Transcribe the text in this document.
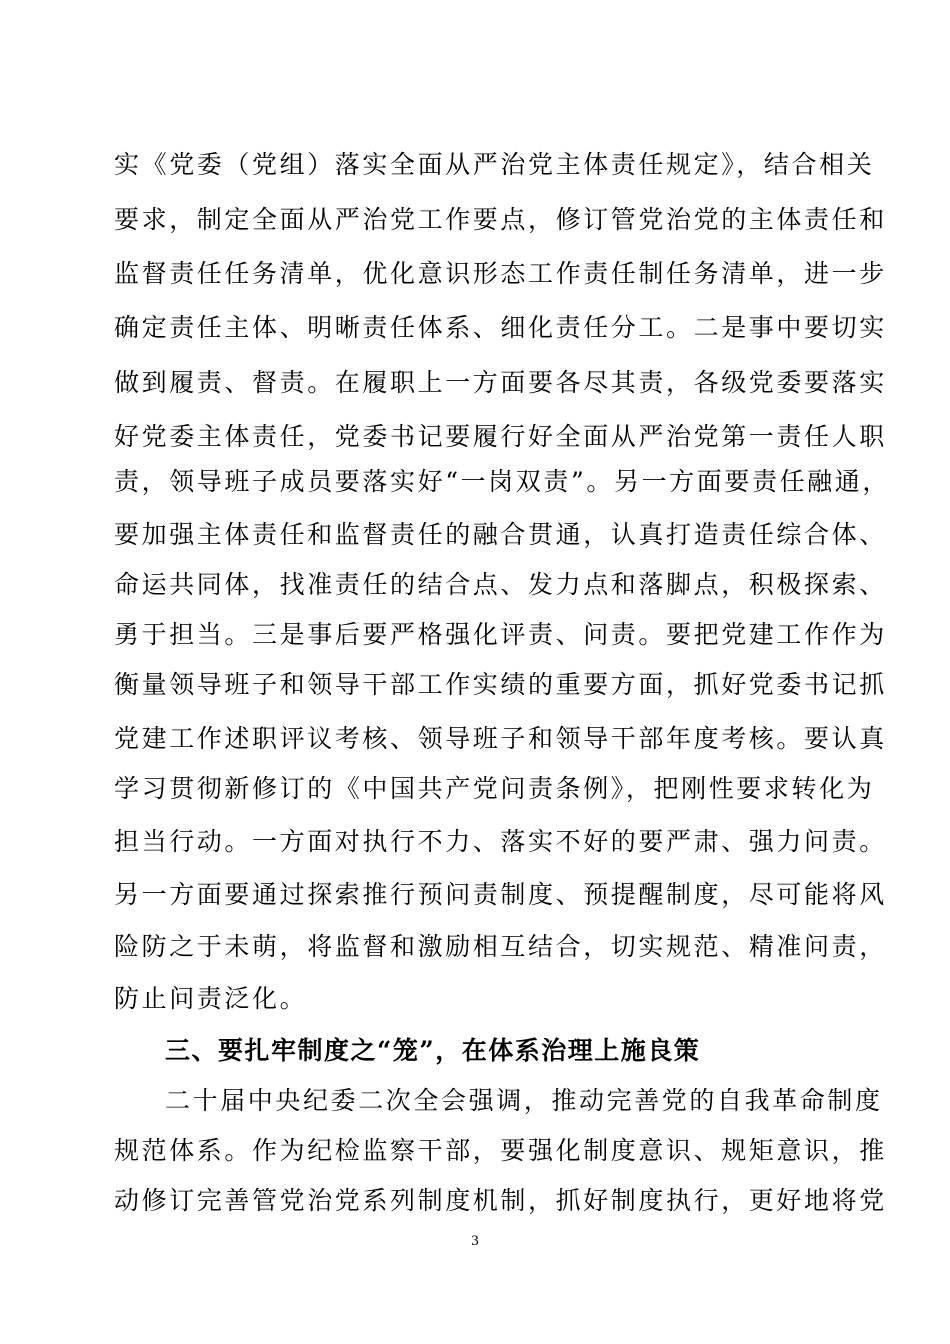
实《党委（党组）落实全面从严治党主体责任规定》，结合相关
要求，制定全面从严治党工作要点，修订管党治党的主体责任和
监督责任任务清单，优化意识形态工作责任制任务清单，进一步
确定责任主体、明晰责任体系、细化责任分工。二是事中要切实
做到履责、督责。在履职上一方面要各尽其责，各级党委要落实
好党委主体责任，党委书记要履行好全面从严治党第一责任人职
责，领导班子成员要落实好“一岗双责”。另一方面要责任融通，
要加强主体责任和监督责任的融合贯通，认真打造责任综合体、
命运共同体，找准责任的结合点、发力点和落脚点，积极探索、
勇于担当。三是事后要严格强化评责、问责。要把党建工作作为
衡量领导班子和领导干部工作实绩的重要方面，抓好党委书记抓
党建工作述职评议考核、领导班子和领导干部年度考核。要认真
学习贯彻新修订的《中国共产党问责条例》，把刚性要求转化为
担当行动。一方面对执行不力、落实不好的要严肃、强力问责。
另一方面要通过探索推行预问责制度、预提醒制度，尽可能将风
险防之于未萌，将监督和激励相互结合，切实规范、精准问责，
防止问责泛化。
三、要扎牢制度之“笼”，在体系治理上施良策
二十届中央纪委二次全会强调，推动完善党的自我革命制度
规范体系。作为纪检监察干部，要强化制度意识、规矩意识，推
动修订完善管党治党系列制度机制，抓好制度执行，更好地将党
3
